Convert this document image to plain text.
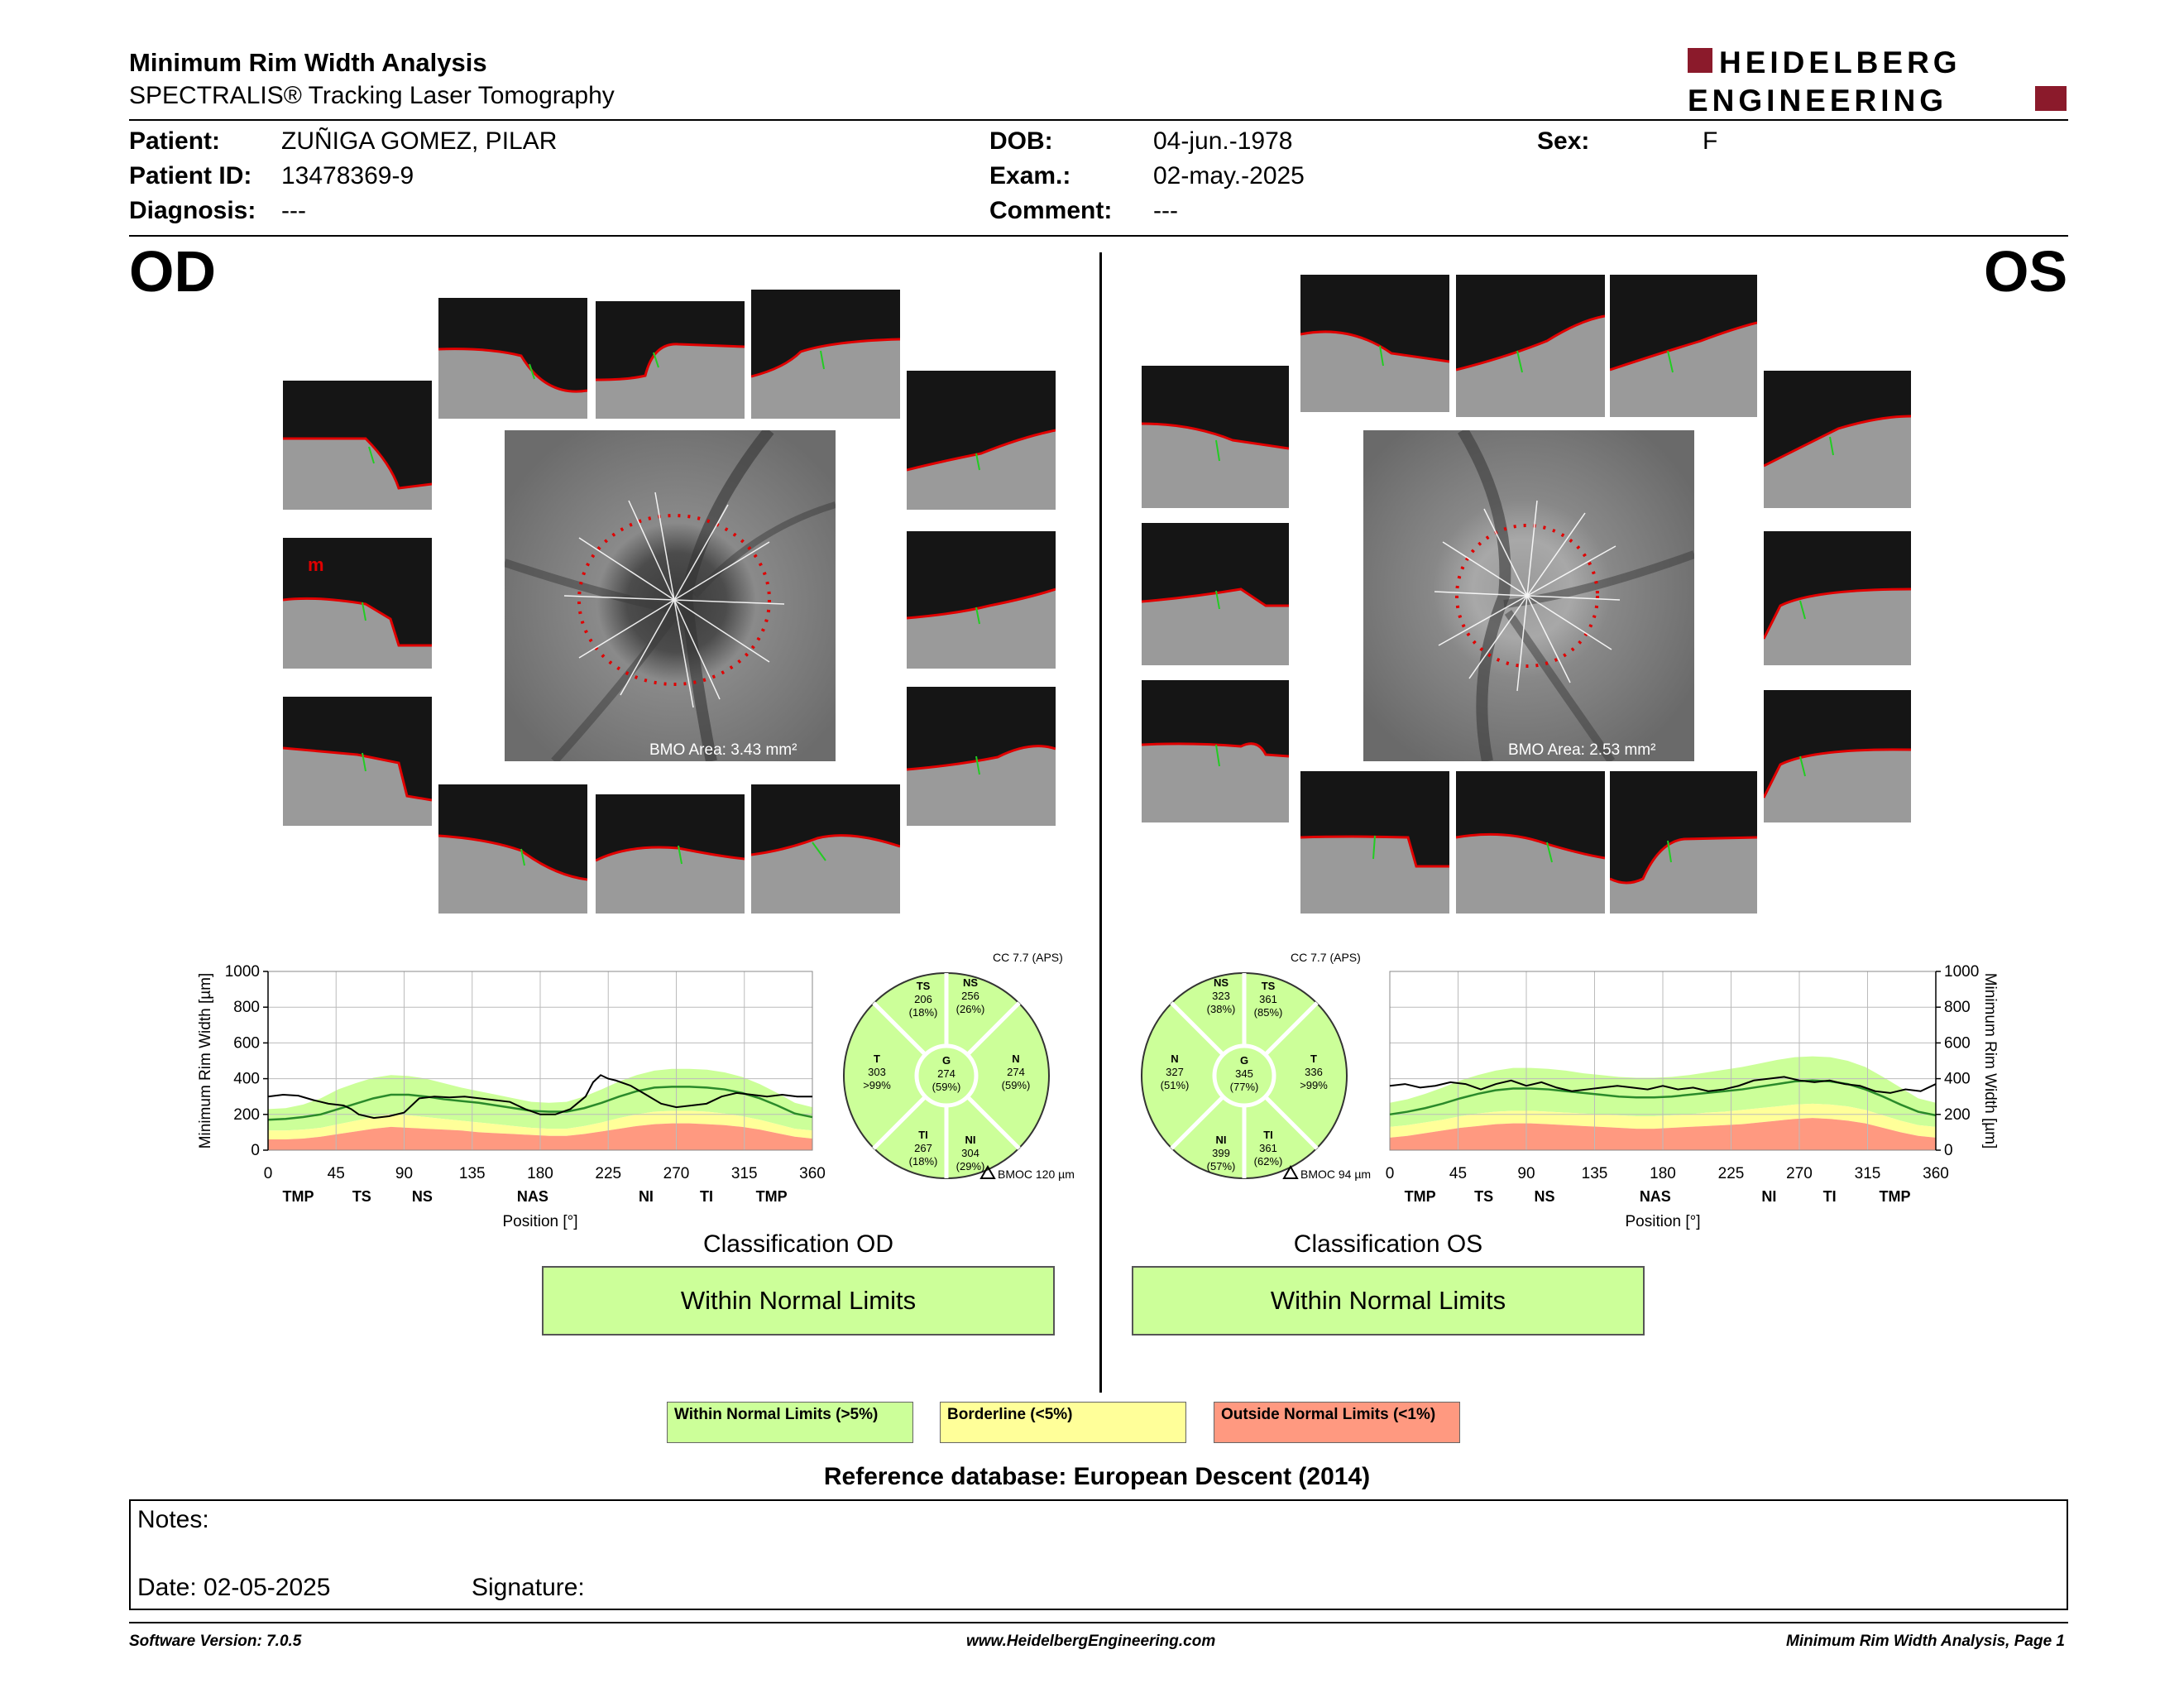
Minimum Rim Width Analysis
SPECTRALIS® Tracking Laser Tomography
HEIDELBERG
ENGINEERING
Patient: ZUÑIGA GOMEZ, PILAR
Patient ID: 13478369-9
Diagnosis: ---
DOB:	04-jun.-1978
Exam.:	02-may.-2025
Comment: ---
Sex:	F
OD	OS
m
BMO Area: 3.43 mm²	BMO Area: 2.53 mm²
0
200
400
600
800
1000
0	45	90	135	180	225	270	315	360
TMP	TS	NS	NAS	NI	TI	TMP
Position [°]
Minimum Rim Width [µm]
0
200
400
600
800
1000
0	45	90	135	180	225	270	315	360
TMP	TS	NS	NAS	NI	TI	TMP
Position [°]
Minimum Rim Width [µm]
CC 7.7 (APS)
TS
206
(18%)
NS
256
(26%)
T
303
>99%
G
274
(59%)
N
274
(59%)
TI
267
(18%)
NI
304
(29%)
BMOC 120 µm
CC 7.7 (APS)
NS
323
(38%)
TS
361
(85%)
N
327
(51%)
G
345
(77%)
T
336
>99%
NI
399
(57%)
TI
361
(62%)
BMOC 94 µm
Classification OD
Within Normal Limits
Classification OS
Within Normal Limits
Within Normal Limits (>5%)	Borderline (<5%)	Outside Normal Limits (<1%)
Reference database: European Descent (2014)
Notes:
Date: 02-05-2025	Signature:
Software Version: 7.0.5	www.HeidelbergEngineering.com	Minimum Rim Width Analysis, Page 1
